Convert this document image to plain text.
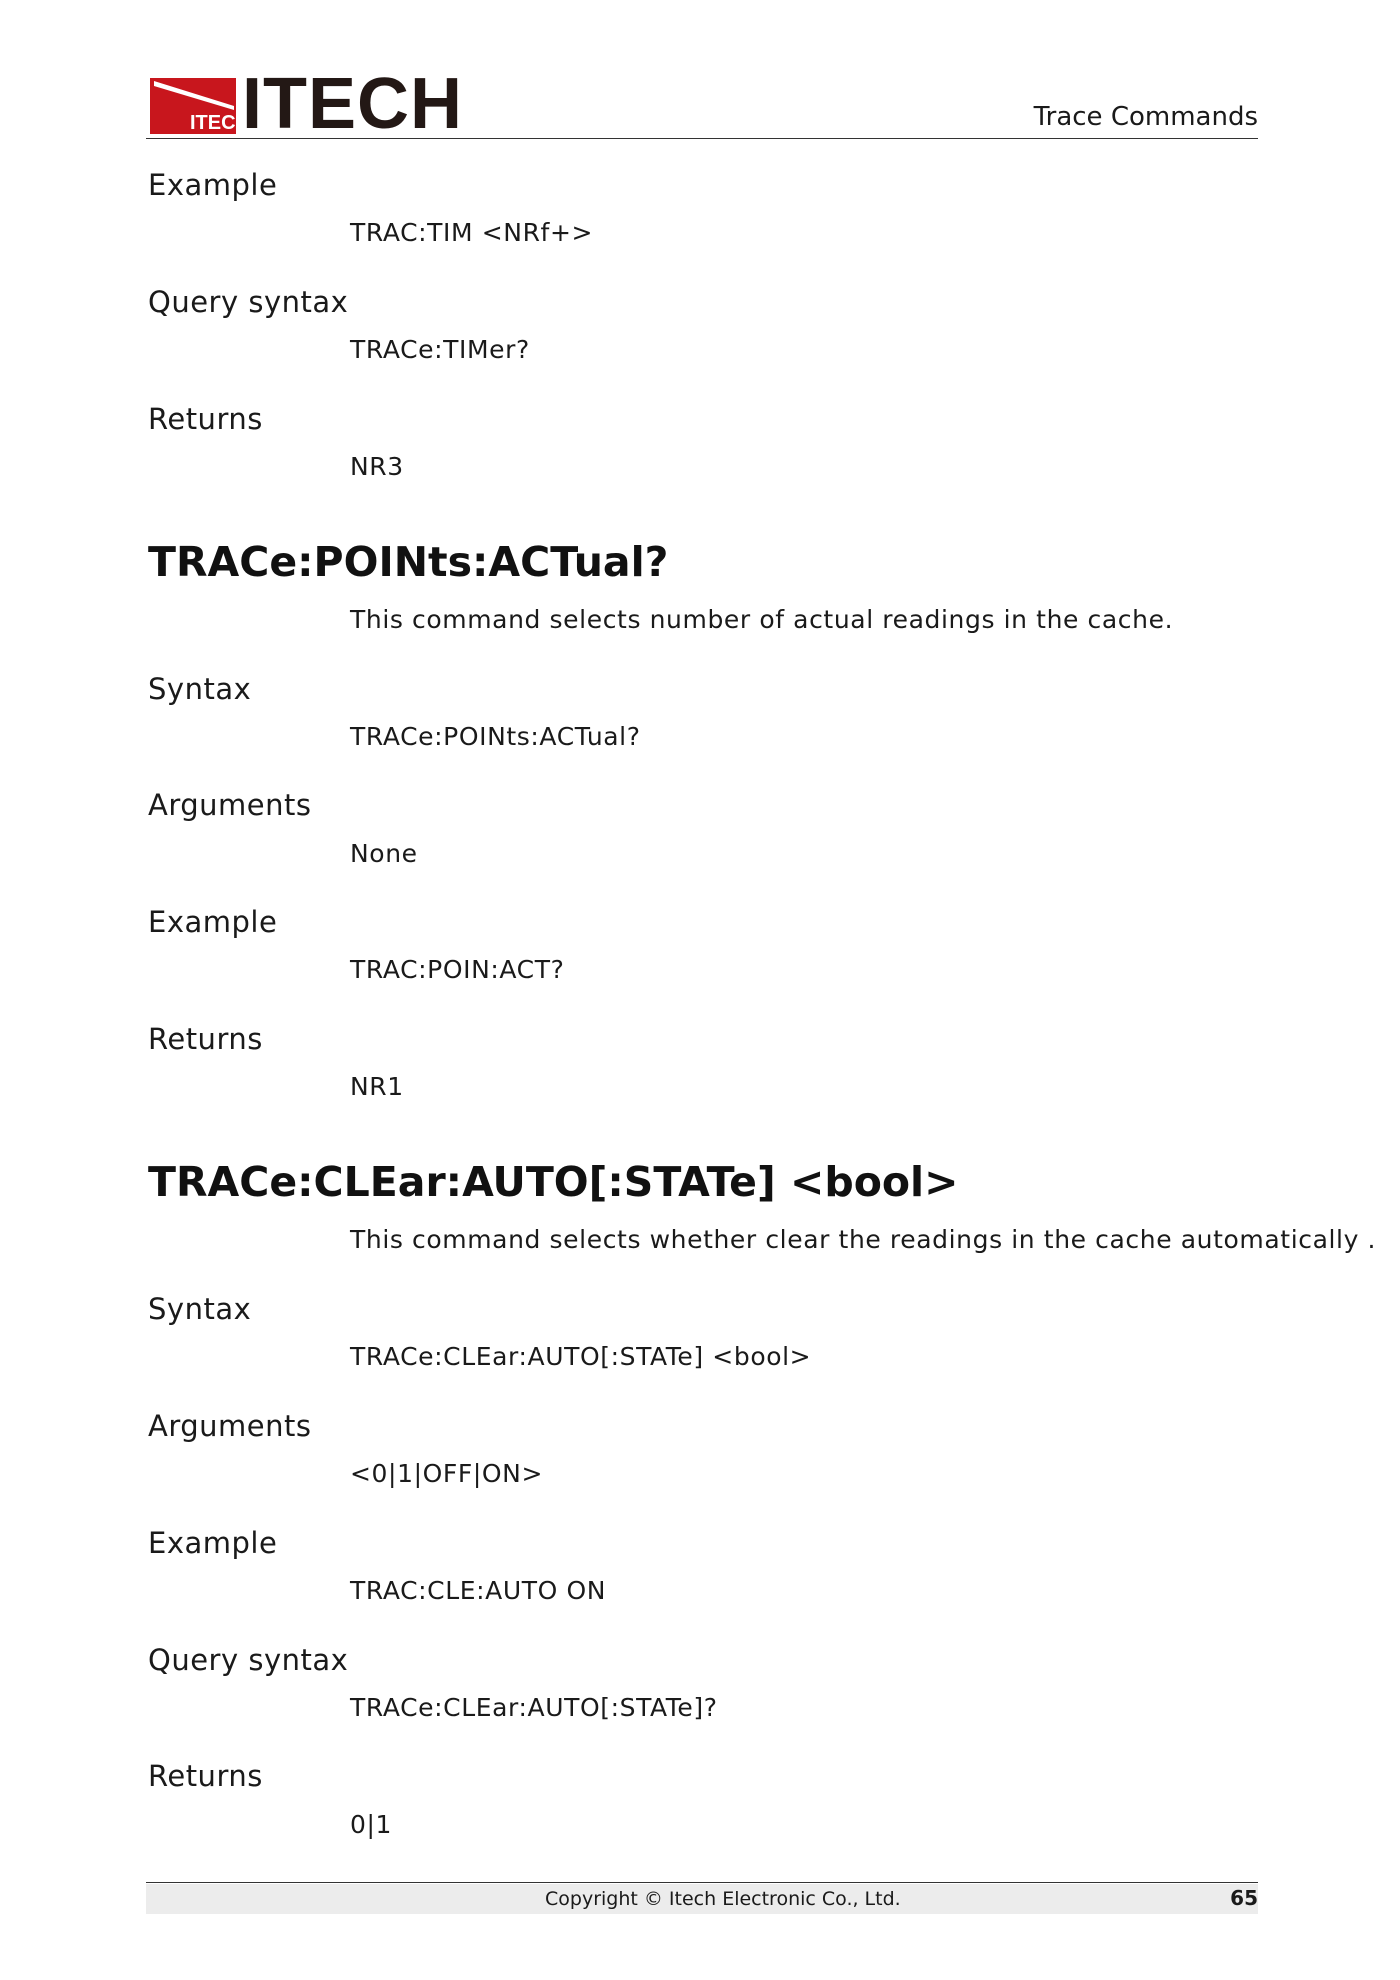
ITECH
ITECH	Trace Commands
Example
TRAC:TIM <NRf+>
Query syntax
TRACe:TIMer?
Returns
NR3
TRACe:POINts:ACTual?
This command selects number of actual readings in the cache.
Syntax
TRACe:POINts:ACTual?
Arguments
None
Example
TRAC:POIN:ACT?
Returns
NR1
TRACe:CLEar:AUTO[:STATe] <bool>
This command selects whether clear the readings in the cache automatically .
Syntax
TRACe:CLEar:AUTO[:STATe] <bool>
Arguments
<0|1|OFF|ON>
Example
TRAC:CLE:AUTO ON
Query syntax
TRACe:CLEar:AUTO[:STATe]?
Returns
0|1
Copyright © Itech Electronic Co., Ltd.	65
